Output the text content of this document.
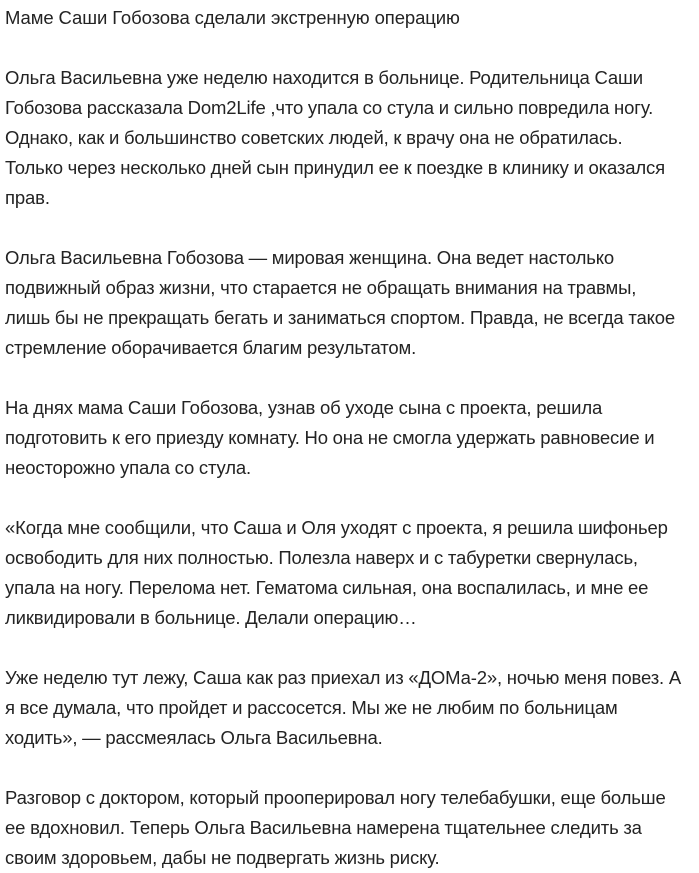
Маме Саши Гобозова сделали экстренную операцию

Ольга Васильевна уже неделю находится в больнице. Родительница Саши Гобозова рассказала Dom2Life ,что упала со стула и сильно повредила ногу. Однако, как и большинство советских людей, к врачу она не обратилась. Только через несколько дней сын принудил ее к поездке в клинику и оказался прав.

Ольга Васильевна Гобозова — мировая женщина. Она ведет настолько подвижный образ жизни, что старается не обращать внимания на травмы, лишь бы не прекращать бегать и заниматься спортом. Правда, не всегда такое стремление оборачивается благим результатом.

На днях мама Саши Гобозова, узнав об уходе сына с проекта, решила подготовить к его приезду комнату. Но она не смогла удержать равновесие и неосторожно упала со стула.

«Когда мне сообщили, что Саша и Оля уходят с проекта, я решила шифоньер освободить для них полностью. Полезла наверх и с табуретки свернулась, упала на ногу. Перелома нет. Гематома сильная, она воспалилась, и мне ее ликвидировали в больнице. Делали операцию…

Уже неделю тут лежу, Саша как раз приехал из «ДОМа-2», ночью меня повез. А я все думала, что пройдет и рассосется. Мы же не любим по больницам ходить», — рассмеялась Ольга Васильевна.

Разговор с доктором, который прооперировал ногу телебабушки, еще больше ее вдохновил. Теперь Ольга Васильевна намерена тщательнее следить за своим здоровьем, дабы не подвергать жизнь риску.
